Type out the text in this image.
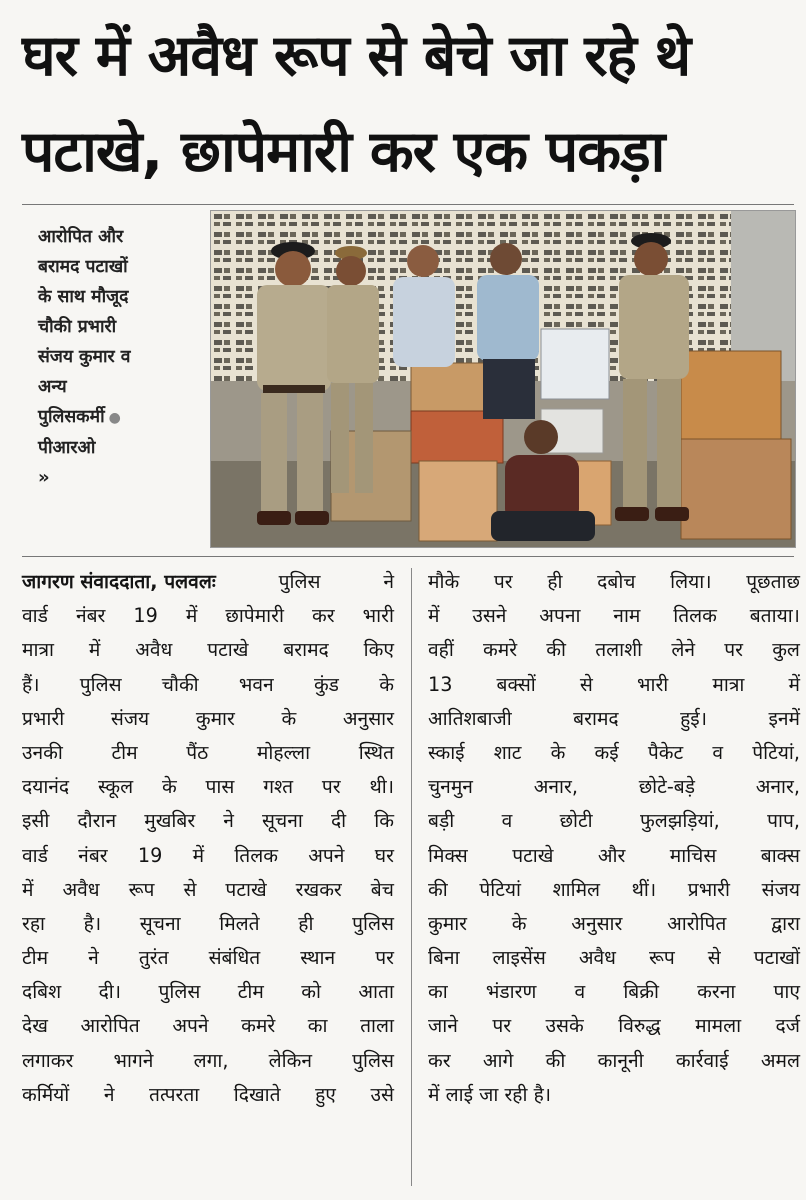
घर में अवैध रूप से बेचे जा रहे थे
पटाखे, छापेमारी कर एक पकड़ा
आरोपित और
बरामद पटाखों
के साथ मौजूद
चौकी प्रभारी
संजय कुमार व
अन्य
पुलिसकर्मी ●
पीआरओ
»
जागरण संवाददाता, पलवलः	पुलिस	ने
वार्ड नंबर 19 में छापेमारी कर भारी
मात्रा में अवैध पटाखे बरामद किए
हैं। पुलिस चौकी भवन कुंड के
प्रभारी संजय कुमार के अनुसार
उनकी	टीम	पैंठ	मोहल्ला	स्थित
दयानंद स्कूल के पास गश्त पर थी।
इसी दौरान मुखबिर ने सूचना दी कि
वार्ड नंबर 19 में तिलक अपने घर
में अवैध रूप से पटाखे रखकर बेच
रहा है। सूचना मिलते ही पुलिस
टीम ने तुरंत संबंधित स्थान पर
दबिश दी। पुलिस टीम को आता
देख आरोपित अपने कमरे का ताला
लगाकर भागने लगा, लेकिन पुलिस
कर्मियों ने तत्परता दिखाते हुए उसे
मौके पर ही दबोच लिया। पूछताछ
में उसने अपना नाम तिलक बताया।
वहीं कमरे की तलाशी लेने पर कुल
13 बक्सों से भारी मात्रा में
आतिशबाजी	बरामद	हुई।	इनमें
स्काई शाट के कई पैकेट व पेटियां,
चुनमुन	अनार,	छोटे-बड़े	अनार,
बड़ी व छोटी फुलझड़ियां, पाप,
मिक्स पटाखे और माचिस बाक्स
की पेटियां शामिल थीं। प्रभारी संजय
कुमार के अनुसार आरोपित द्वारा
बिना लाइसेंस अवैध रूप से पटाखों
का भंडारण व बिक्री करना पाए
जाने पर उसके विरुद्ध मामला दर्ज
कर आगे की कानूनी कार्रवाई अमल
में
लाई
जा
रही
है।
